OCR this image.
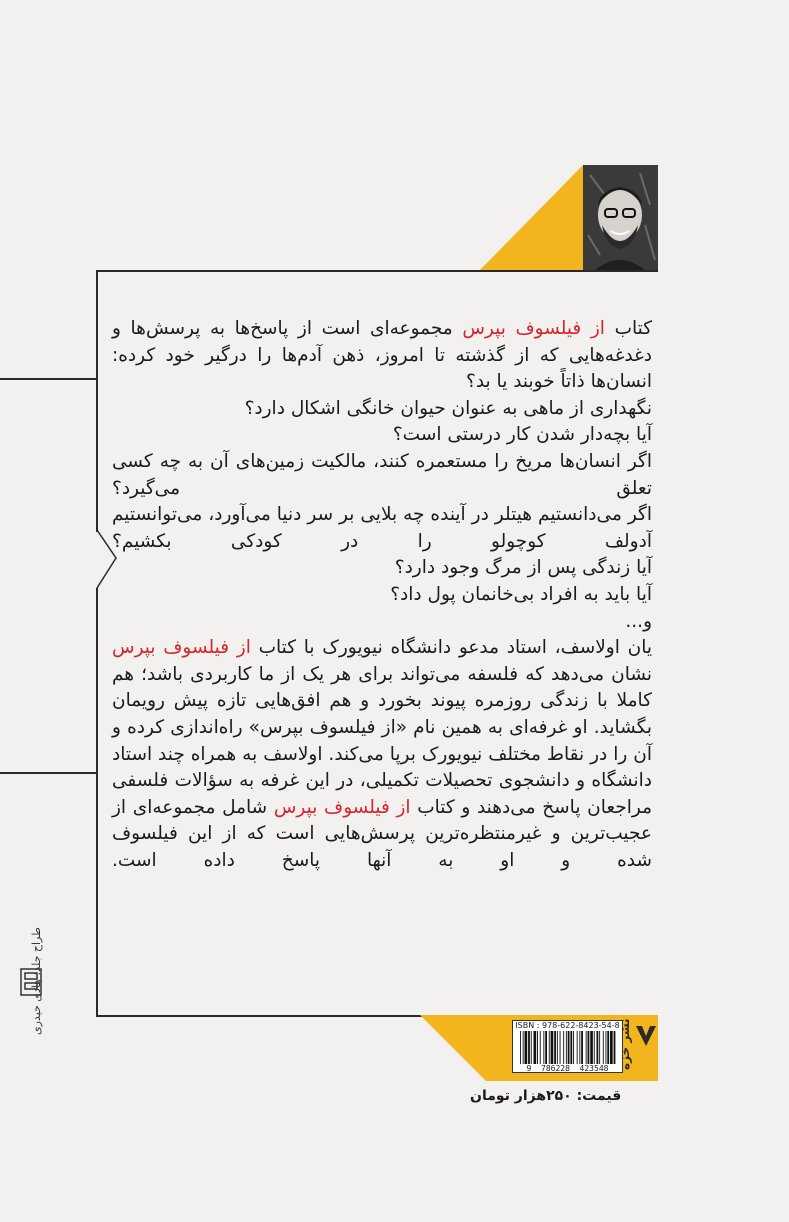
کتاب از فیلسوف بپرس مجموعه‌ای است از پاسخ‌ها به پرسش‌ها و دغدغه‌هایی که از گذشته تا امروز، ذهن آدم‌ها را درگیر خود کرده:

انسان‌ها ذاتاً خوبند یا بد؟

نگهداری از ماهی به عنوان حیوان خانگی اشکال دارد؟

آیا بچه‌دار شدن کار درستی است؟

اگر انسان‌ها مریخ را مستعمره کنند، مالکیت زمین‌های آن به چه کسی تعلق می‌گیرد؟

اگر می‌دانستیم هیتلر در آینده چه بلایی بر سر دنیا می‌آورد، می‌توانستیم آدولف کوچولو را در کودکی بکشیم؟

آیا زندگی پس از مرگ وجود دارد؟

آیا باید به افراد بی‌خانمان پول داد؟

و...

یان اولاسف، استاد مدعو دانشگاه نیویورک با کتاب از فیلسوف بپرس نشان می‌دهد که فلسفه می‌تواند برای هر یک از ما کاربردی باشد؛ هم کاملا با زندگی روزمره پیوند بخورد و هم افق‌هایی تازه پیش رویمان بگشاید. او غرفه‌ای به همین نام «از فیلسوف بپرس» راه‌اندازی کرده و آن را در نقاط مختلف نیویورک برپا می‌کند. اولاسف به همراه چند استاد دانشگاه و دانشجوی تحصیلات تکمیلی، در این غرفه به سؤالات فلسفی مراجعان پاسخ می‌دهند و کتاب از فیلسوف بپرس شامل مجموعه‌ای از عجیب‌ترین و غیرمنتظره‌ترین پرسش‌هایی است که از این فیلسوف شده و او به آنها پاسخ داده است.

ISBN : 978-622-8423-54-8
9 786228 423548 نشر خزه
قیمت: ۲۵۰هزار تومان
طراح جلد: هادی حیدری
